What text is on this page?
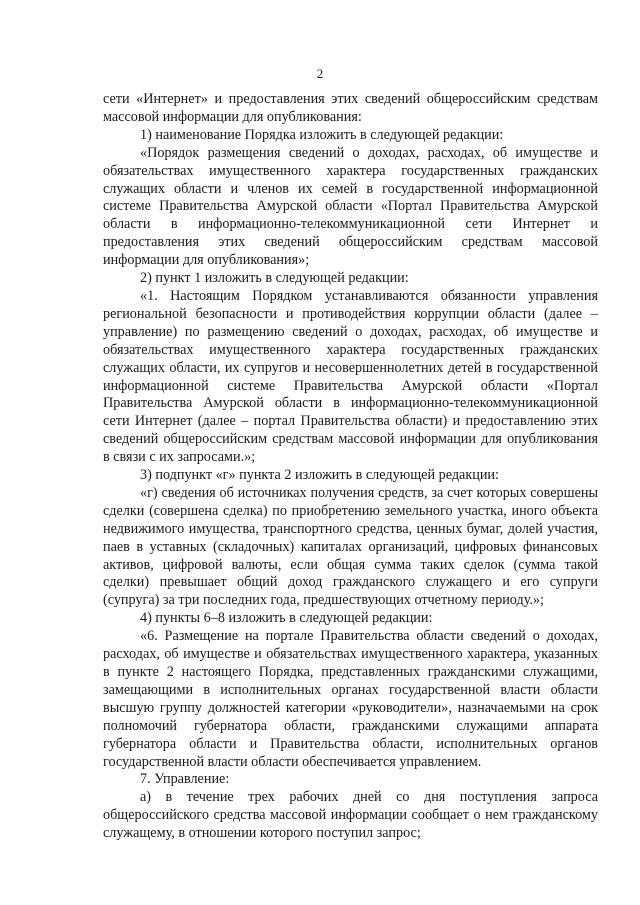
2

сети «Интернет» и предоставления этих сведений общероссийским средствам массовой информации для опубликования:

1) наименование Порядка изложить в следующей редакции:

«Порядок размещения сведений о доходах, расходах, об имуществе и обязательствах имущественного характера государственных гражданских служащих области и членов их семей в государственной информационной системе Правительства Амурской области «Портал Правительства Амурской области в информационно-телекоммуникационной сети Интернет и предоставления этих сведений общероссийским средствам массовой информации для опубликования»;

2) пункт 1 изложить в следующей редакции:

«1. Настоящим Порядком устанавливаются обязанности управления региональной безопасности и противодействия коррупции области (далее – управление) по размещению сведений о доходах, расходах, об имуществе и обязательствах имущественного характера государственных гражданских служащих области, их супругов и несовершеннолетних детей в государственной информационной системе Правительства Амурской области «Портал Правительства Амурской области в информационно-телекоммуникационной сети Интернет (далее – портал Правительства области) и предоставлению этих сведений общероссийским средствам массовой информации для опубликования в связи с их запросами.»;

3) подпункт «г» пункта 2 изложить в следующей редакции:

«г) сведения об источниках получения средств, за счет которых совершены сделки (совершена сделка) по приобретению земельного участка, иного объекта недвижимого имущества, транспортного средства, ценных бумаг, долей участия, паев в уставных (складочных) капиталах организаций, цифровых финансовых активов, цифровой валюты, если общая сумма таких сделок (сумма такой сделки) превышает общий доход гражданского служащего и его супруги (супруга) за три последних года, предшествующих отчетному периоду.»;

4) пункты 6–8 изложить в следующей редакции:

«6. Размещение на портале Правительства области сведений о доходах, расходах, об имуществе и обязательствах имущественного характера, указанных в пункте 2 настоящего Порядка, представленных гражданскими служащими, замещающими в исполнительных органах государственной власти области высшую группу должностей категории «руководители», назначаемыми на срок полномочий губернатора области, гражданскими служащими аппарата губернатора области и Правительства области, исполнительных органов государственной власти области обеспечивается управлением.

7. Управление:

а) в течение трех рабочих дней со дня поступления запроса общероссийского средства массовой информации сообщает о нем гражданскому служащему, в отношении которого поступил запрос;
